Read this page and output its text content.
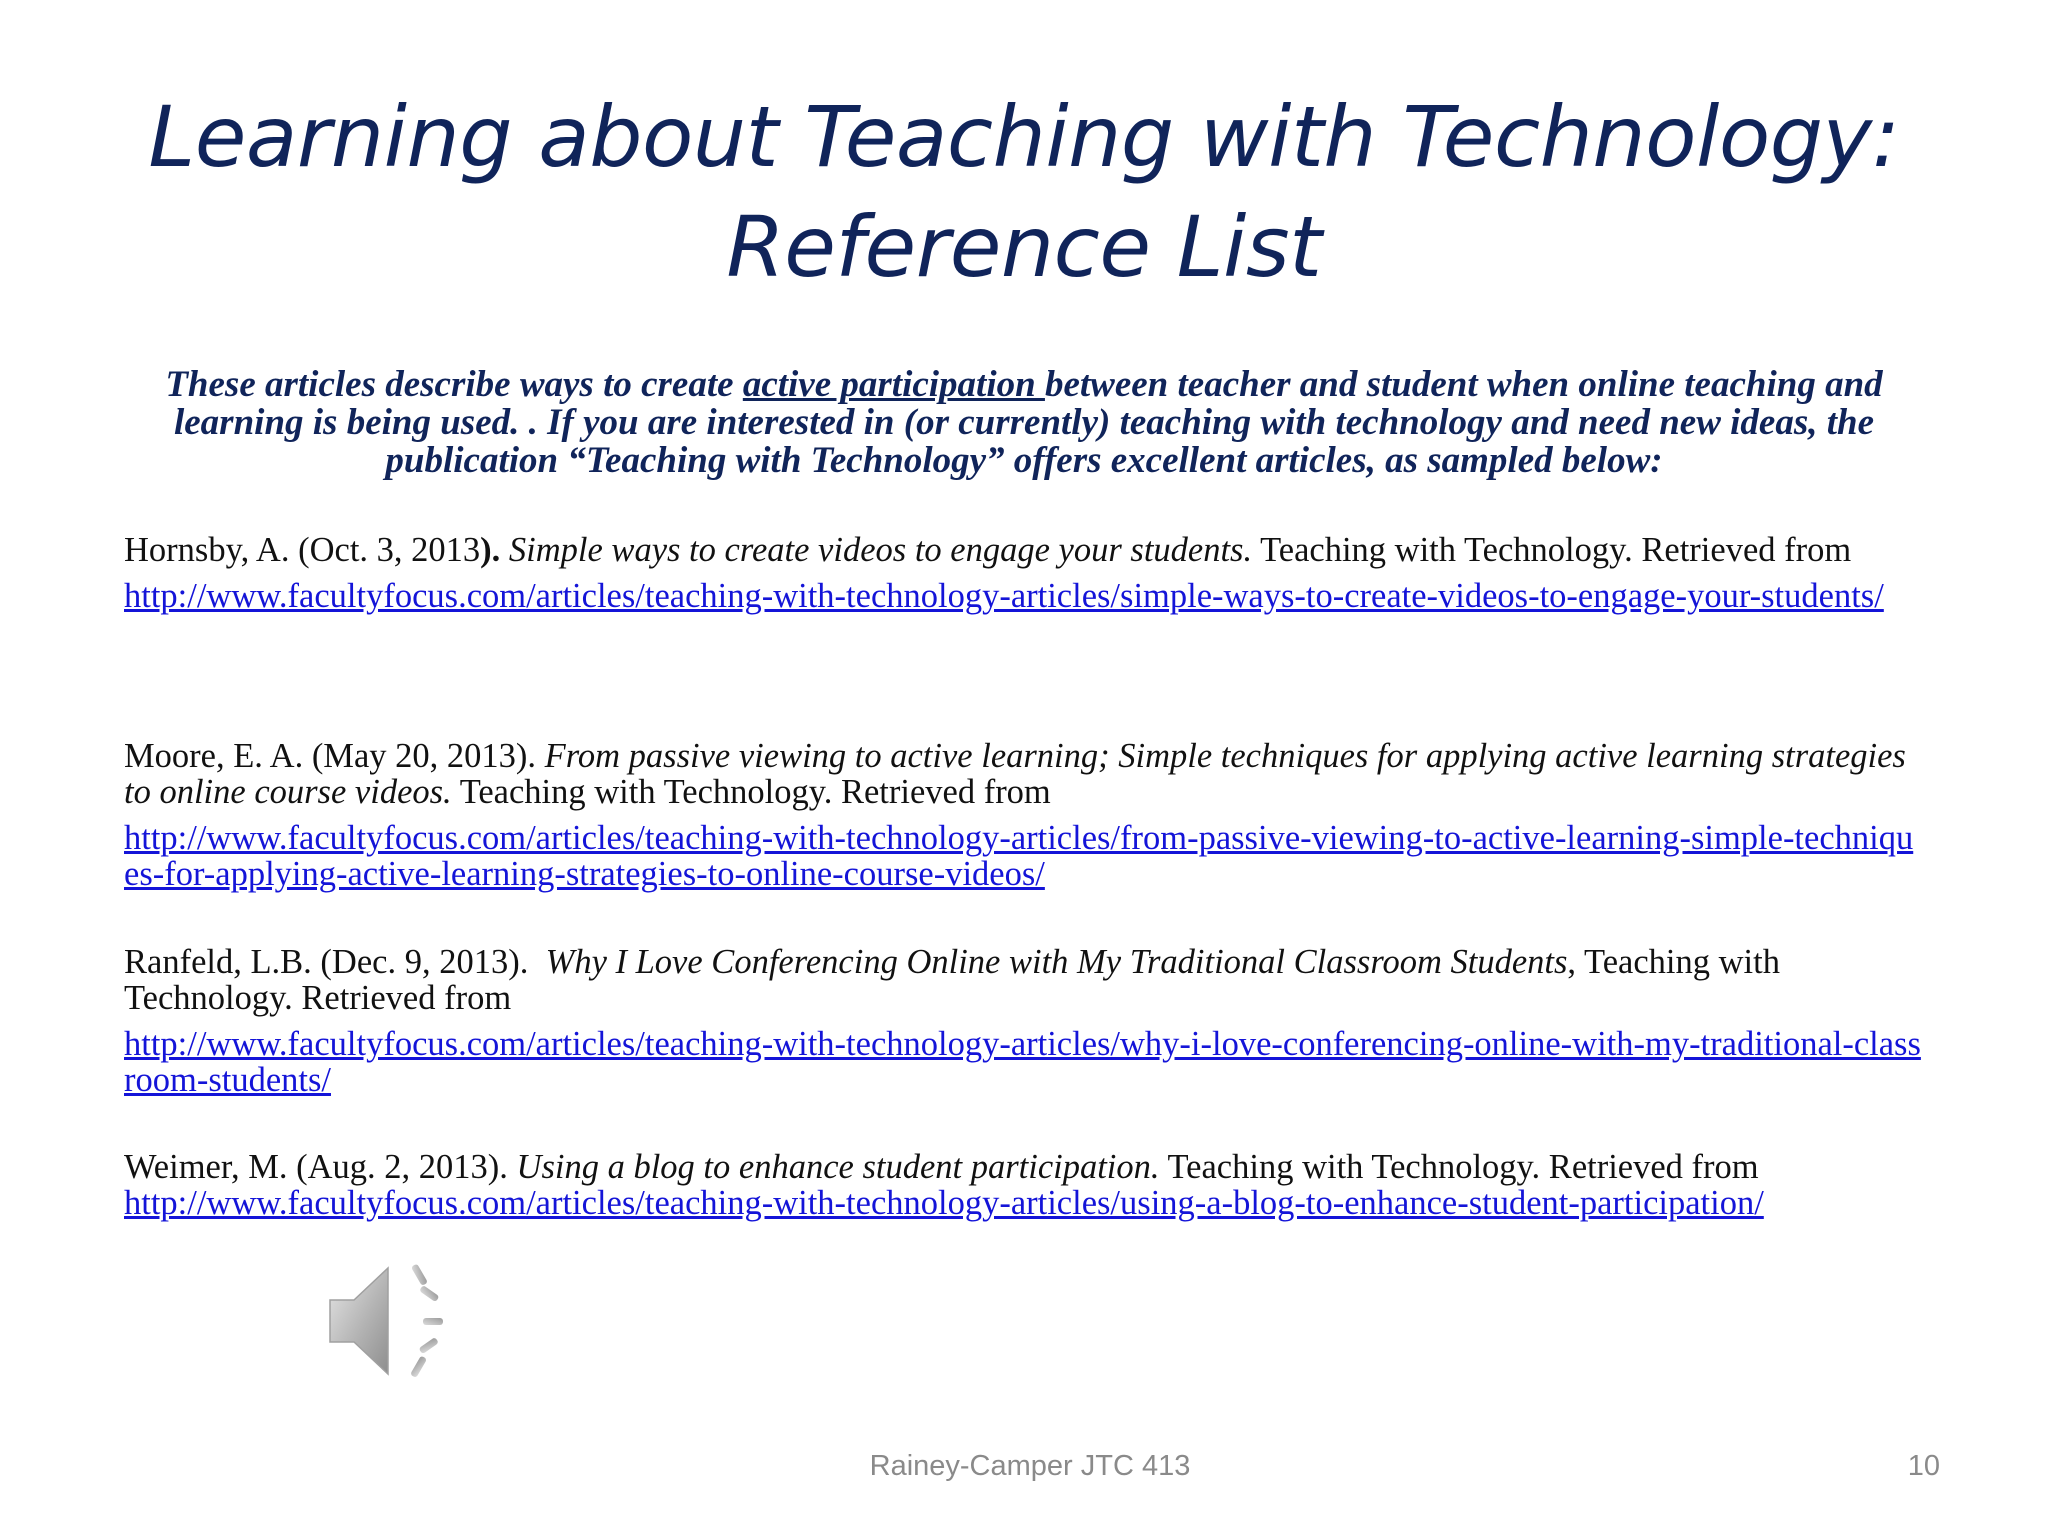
Learning about Teaching with Technology:
Reference List

These articles describe ways to create active participation between teacher and student when online teaching and learning is being used. . If you are interested in (or currently) teaching with technology and need new ideas, the publication “Teaching with Technology” offers excellent articles, as sampled below:

Hornsby, A. (Oct. 3, 2013). Simple ways to create videos to engage your students. Teaching with Technology. Retrieved from

http://www.facultyfocus.com/articles/teaching-with-technology-articles/simple-ways-to-create-videos-to-engage-your-students/

Moore, E. A. (May 20, 2013). From passive viewing to active learning; Simple techniques for applying active learning strategies to online course videos. Teaching with Technology. Retrieved from

http://www.facultyfocus.com/articles/teaching-with-technology-articles/from-passive-viewing-to-active-learning-simple-techniques-for-applying-active-learning-strategies-to-online-course-videos/

Ranfeld, L.B. (Dec. 9, 2013).  Why I Love Conferencing Online with My Traditional Classroom Students, Teaching with Technology. Retrieved from

http://www.facultyfocus.com/articles/teaching-with-technology-articles/why-i-love-conferencing-online-with-my-traditional-classroom-students/

Weimer, M. (Aug. 2, 2013). Using a blog to enhance student participation. Teaching with Technology. Retrieved from

http://www.facultyfocus.com/articles/teaching-with-technology-articles/using-a-blog-to-enhance-student-participation/
Rainey-Camper JTC 413	10
